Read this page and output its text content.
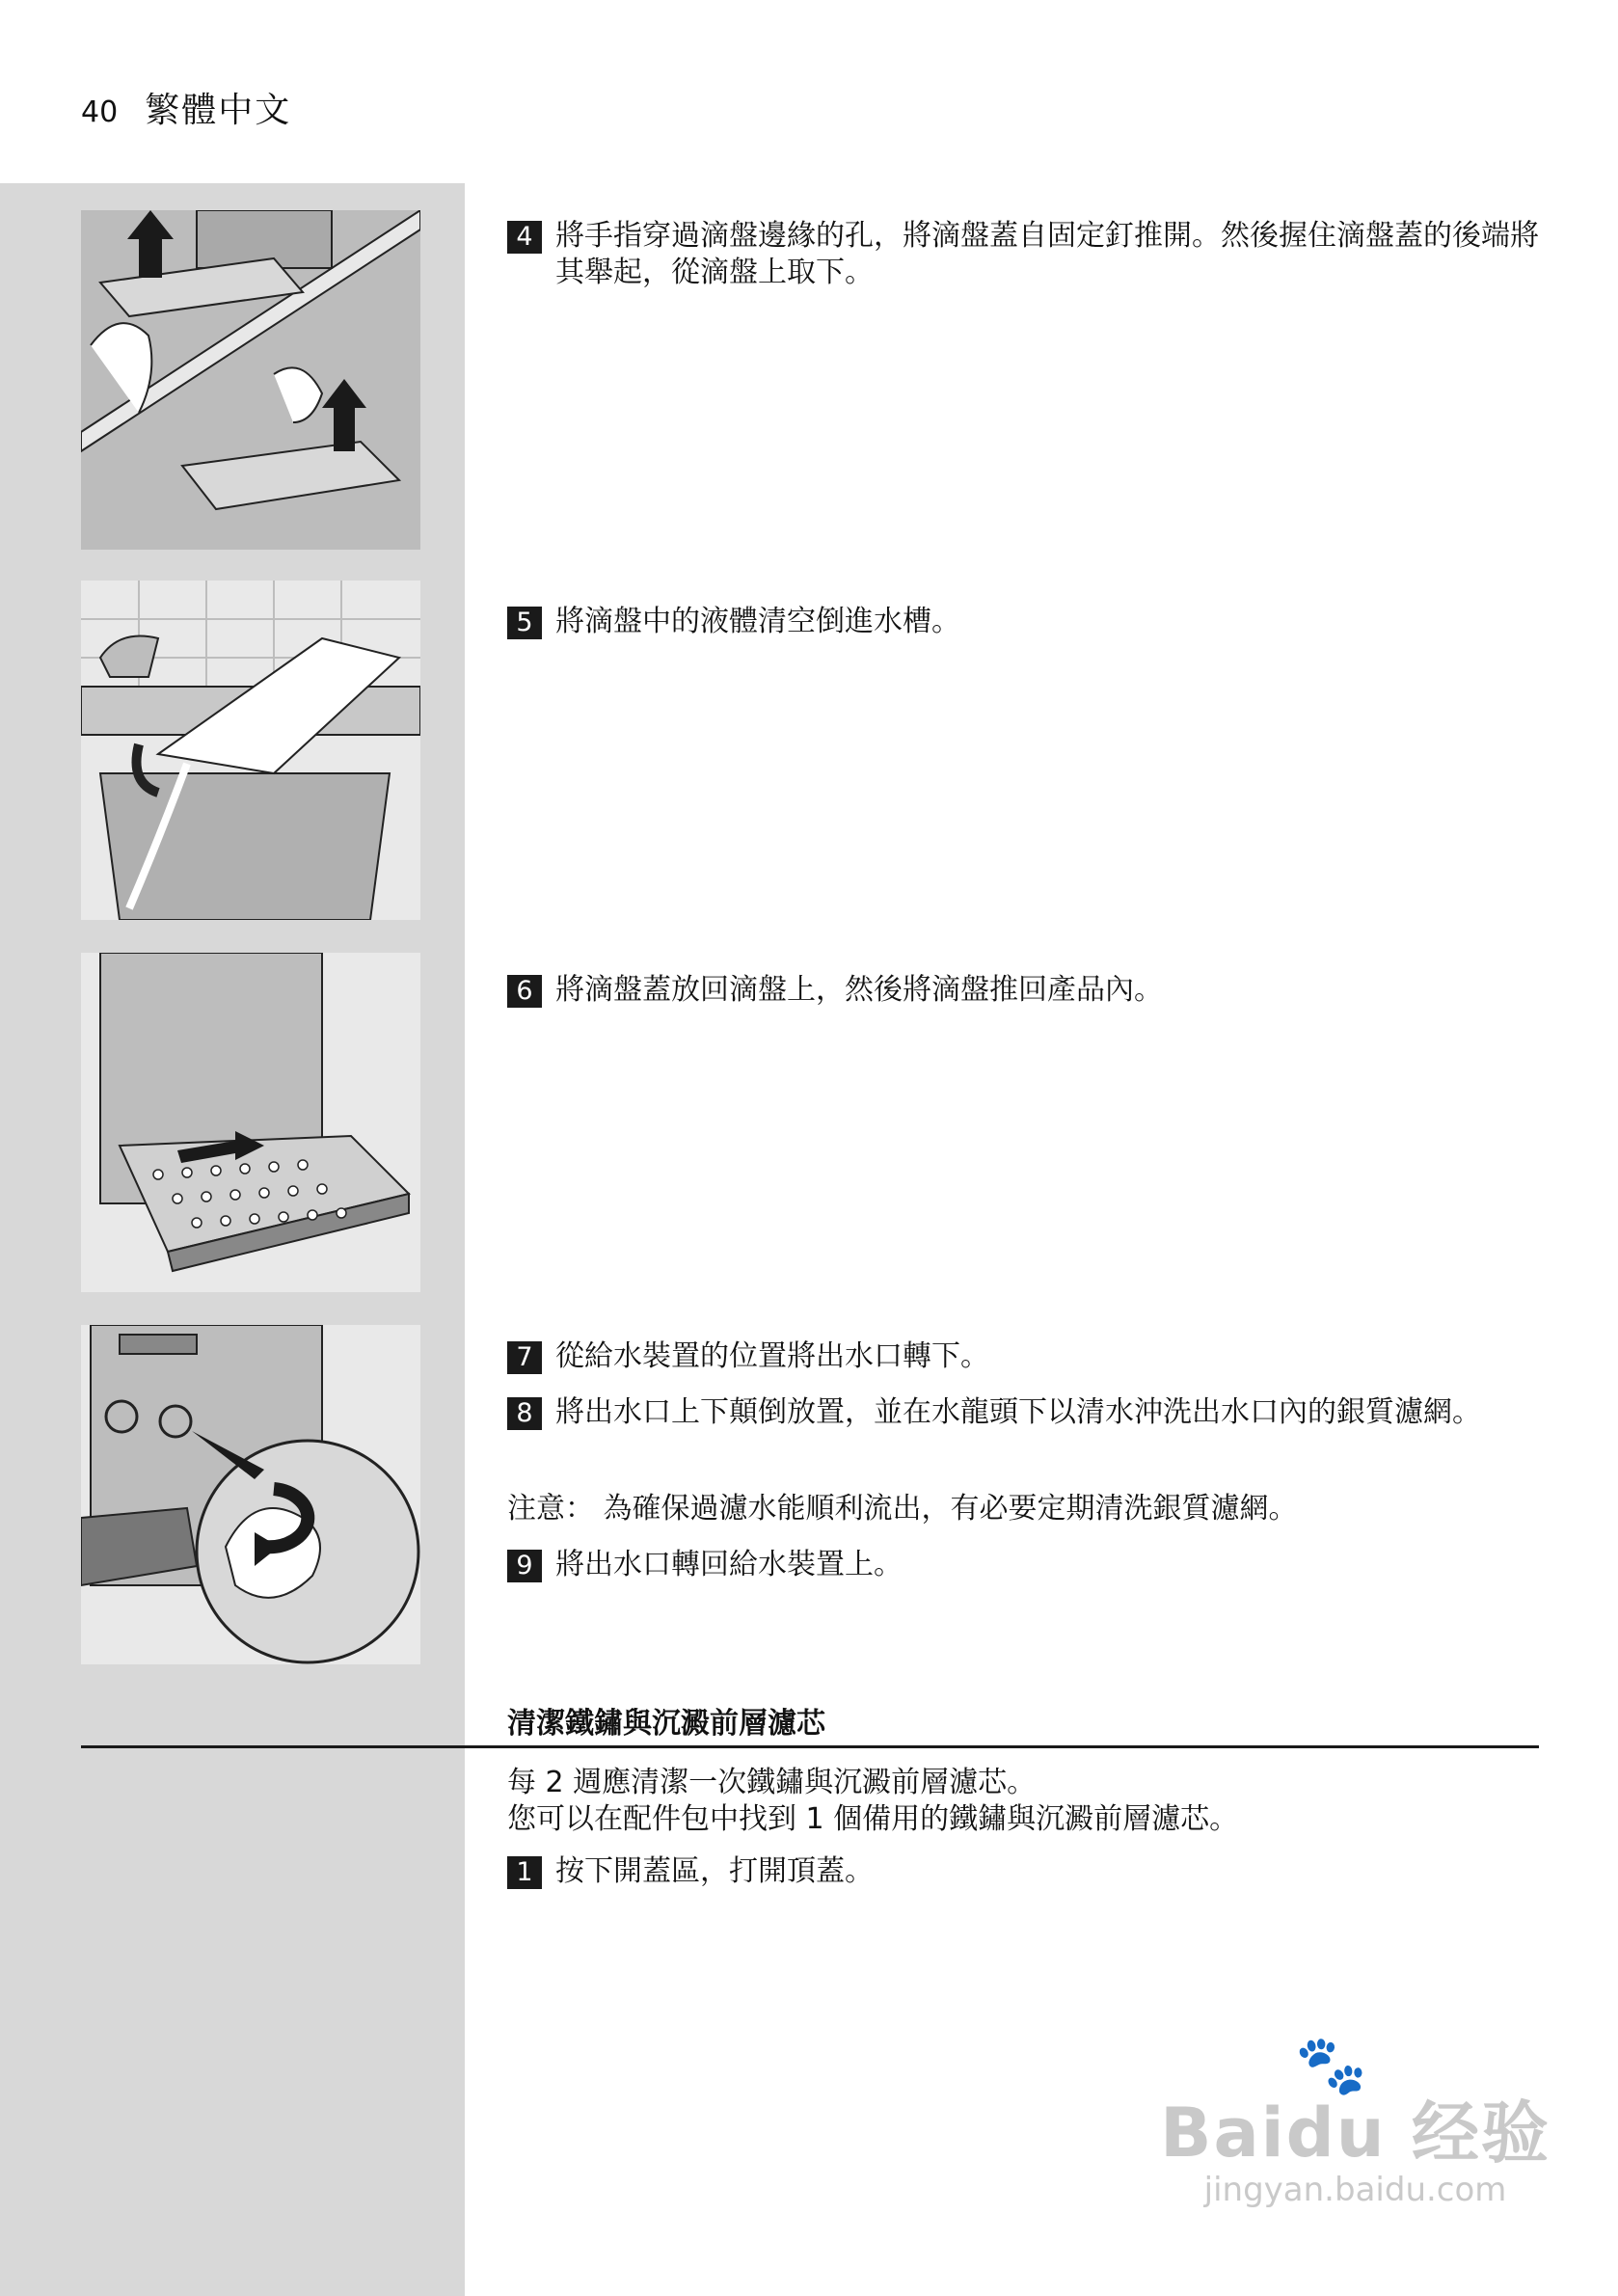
40 繁體中文
4 將手指穿過滴盤邊緣的孔，將滴盤蓋自固定釘推開。然後握住滴盤蓋的後端將其舉起，從滴盤上取下。
5 將滴盤中的液體清空倒進水槽。
6 將滴盤蓋放回滴盤上，然後將滴盤推回產品內。
7 從給水裝置的位置將出水口轉下。
8 將出水口上下顛倒放置，並在水龍頭下以清水沖洗出水口內的銀質濾網。
注意： 為確保過濾水能順利流出，有必要定期清洗銀質濾網。
9 將出水口轉回給水裝置上。
清潔鐵鏽與沉澱前層濾芯
每 2 週應清潔一次鐵鏽與沉澱前層濾芯。
您可以在配件包中找到 1 個備用的鐵鏽與沉澱前層濾芯。
1 按下開蓋區，打開頂蓋。
🐾
Baidu 经验
jingyan.baidu.com
